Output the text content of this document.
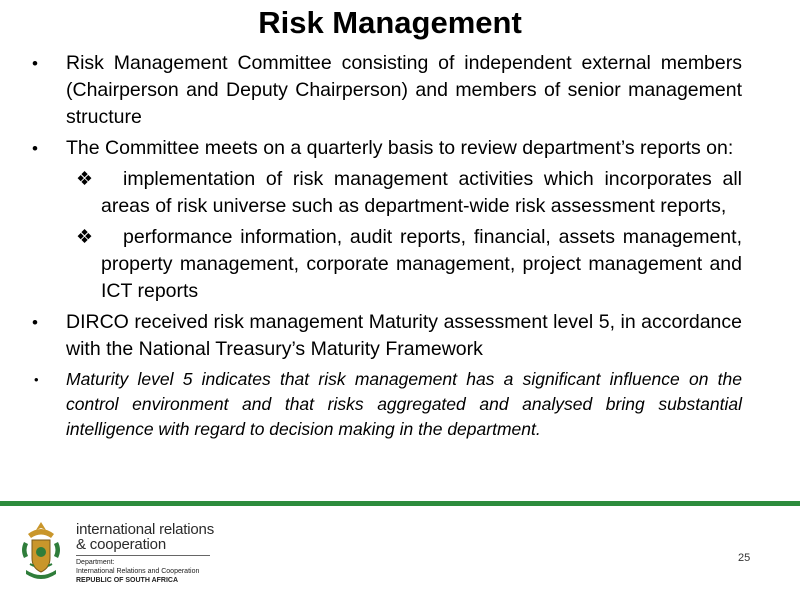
Risk Management
• Risk Management Committee consisting of independent external members (Chairperson and Deputy Chairperson) and members of senior management structure
• The Committee meets on a quarterly basis to review department’s reports on:
❖ implementation of risk management activities which incorporates all areas of risk universe such as department-wide risk assessment reports,
❖ performance information, audit reports, financial, assets management, property management, corporate management, project management and ICT reports
• DIRCO received risk management Maturity assessment level 5, in accordance with the National Treasury’s Maturity Framework
• Maturity level 5 indicates that risk management has a significant influence on the control environment and that risks aggregated and analysed bring substantial intelligence with regard to decision making in the department.
international relations
& cooperation
Department:
International Relations and Cooperation
REPUBLIC OF SOUTH AFRICA
25
